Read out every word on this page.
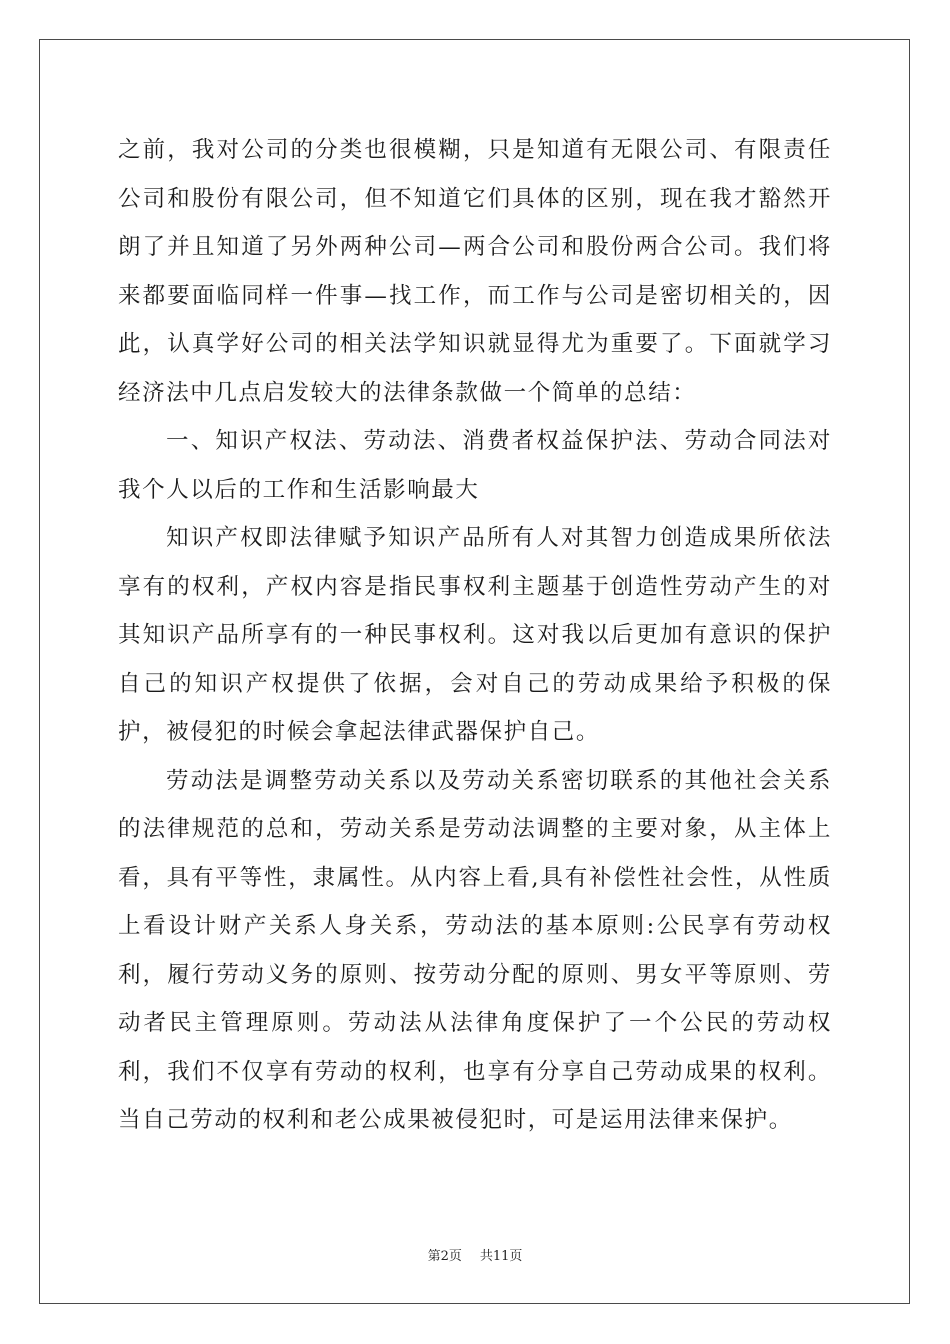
之前，我对公司的分类也很模糊，只是知道有无限公司、有限责任公司和股份有限公司，但不知道它们具体的区别，现在我才豁然开朗了并且知道了另外两种公司—两合公司和股份两合公司。我们将来都要面临同样一件事—找工作，而工作与公司是密切相关的，因此，认真学好公司的相关法学知识就显得尤为重要了。下面就学习经济法中几点启发较大的法律条款做一个简单的总结：

一、知识产权法、劳动法、消费者权益保护法、劳动合同法对我个人以后的工作和生活影响最大

知识产权即法律赋予知识产品所有人对其智力创造成果所依法享有的权利，产权内容是指民事权利主题基于创造性劳动产生的对其知识产品所享有的一种民事权利。这对我以后更加有意识的保护自己的知识产权提供了依据，会对自己的劳动成果给予积极的保护，被侵犯的时候会拿起法律武器保护自己。

劳动法是调整劳动关系以及劳动关系密切联系的其他社会关系的法律规范的总和，劳动关系是劳动法调整的主要对象，从主体上看，具有平等性，隶属性。从内容上看,具有补偿性社会性，从性质上看设计财产关系人身关系，劳动法的基本原则:公民享有劳动权利，履行劳动义务的原则、按劳动分配的原则、男女平等原则、劳动者民主管理原则。劳动法从法律角度保护了一个公民的劳动权利，我们不仅享有劳动的权利，也享有分享自己劳动成果的权利。当自己劳动的权利和老公成果被侵犯时，可是运用法律来保护。

第2页 共11页
